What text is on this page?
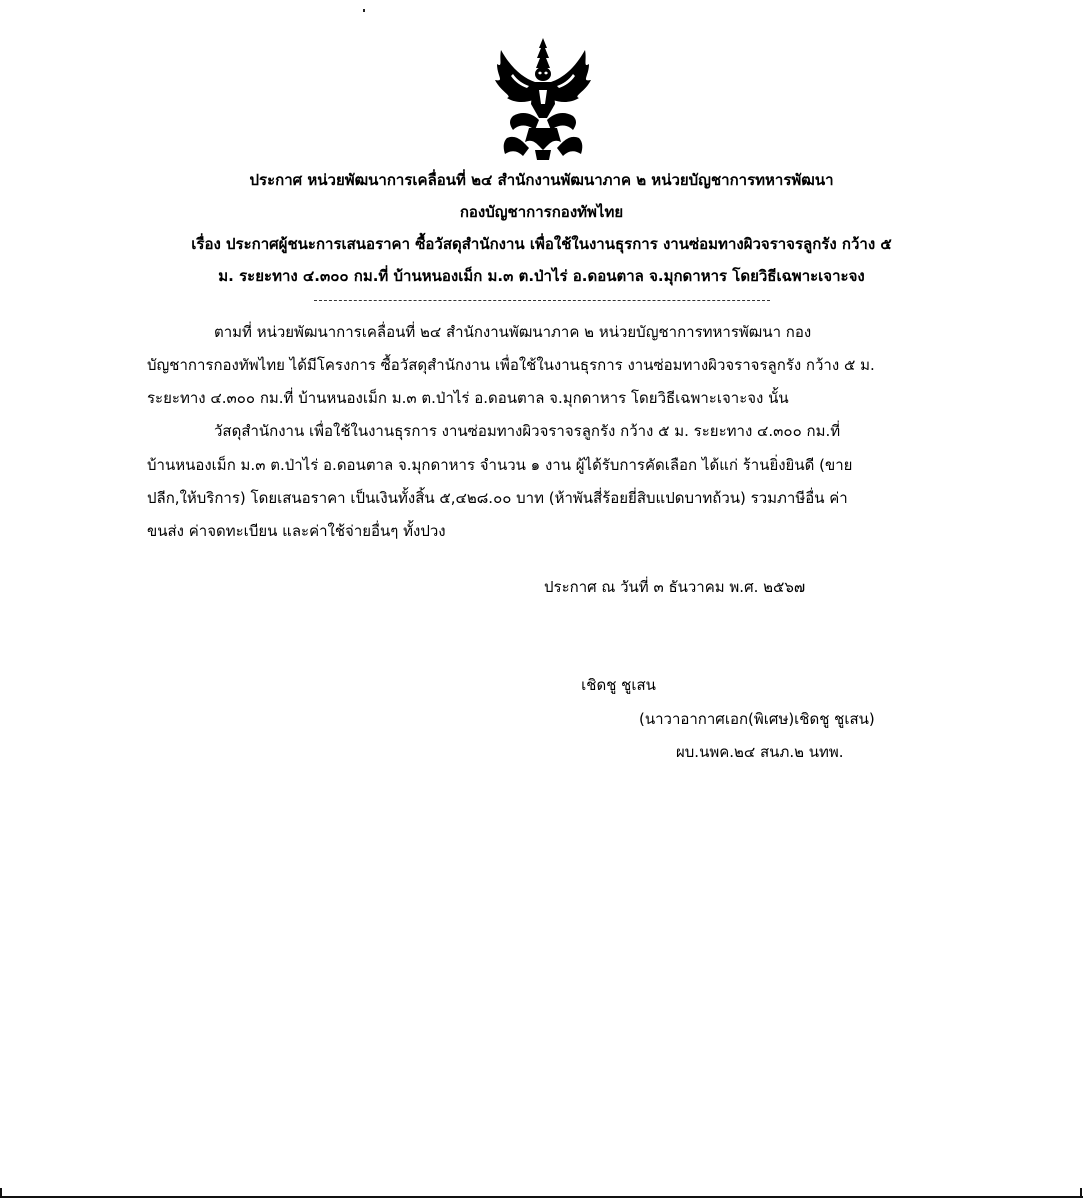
ประกาศ หน่วยพัฒนาการเคลื่อนที่ ๒๔ สำนักงานพัฒนาภาค ๒ หน่วยบัญชาการทหารพัฒนา
กองบัญชาการกองทัพไทย
เรื่อง ประกาศผู้ชนะการเสนอราคา ซื้อวัสดุสำนักงาน เพื่อใช้ในงานธุรการ งานซ่อมทางผิวจราจรลูกรัง กว้าง ๕
ม. ระยะทาง ๔.๓๐๐ กม.ที่ บ้านหนองเม็ก ม.๓ ต.ป่าไร่ อ.ดอนตาล จ.มุกดาหาร โดยวิธีเฉพาะเจาะจง
ตามที่ หน่วยพัฒนาการเคลื่อนที่ ๒๔ สำนักงานพัฒนาภาค ๒ หน่วยบัญชาการทหารพัฒนา กอง
บัญชาการกองทัพไทย ได้มีโครงการ ซื้อวัสดุสำนักงาน เพื่อใช้ในงานธุรการ งานซ่อมทางผิวจราจรลูกรัง กว้าง ๕ ม.
ระยะทาง ๔.๓๐๐ กม.ที่ บ้านหนองเม็ก ม.๓ ต.ป่าไร่ อ.ดอนตาล จ.มุกดาหาร โดยวิธีเฉพาะเจาะจง นั้น
วัสดุสำนักงาน เพื่อใช้ในงานธุรการ งานซ่อมทางผิวจราจรลูกรัง กว้าง ๕ ม. ระยะทาง ๔.๓๐๐ กม.ที่
บ้านหนองเม็ก ม.๓ ต.ป่าไร่ อ.ดอนตาล จ.มุกดาหาร จำนวน ๑ งาน ผู้ได้รับการคัดเลือก ได้แก่ ร้านยิ่งยินดี (ขาย
ปลีก,ให้บริการ) โดยเสนอราคา เป็นเงินทั้งสิ้น ๕,๔๒๘.๐๐ บาท (ห้าพันสี่ร้อยยี่สิบแปดบาทถ้วน) รวมภาษีอื่น ค่า
ขนส่ง ค่าจดทะเบียน และค่าใช้จ่ายอื่นๆ ทั้งปวง
ประกาศ ณ วันที่ ๓ ธันวาคม พ.ศ. ๒๕๖๗
เชิดชู ชูเสน
(นาวาอากาศเอก(พิเศษ)เชิดชู ชูเสน)
ผบ.นพค.๒๔ สนภ.๒ นทพ.
